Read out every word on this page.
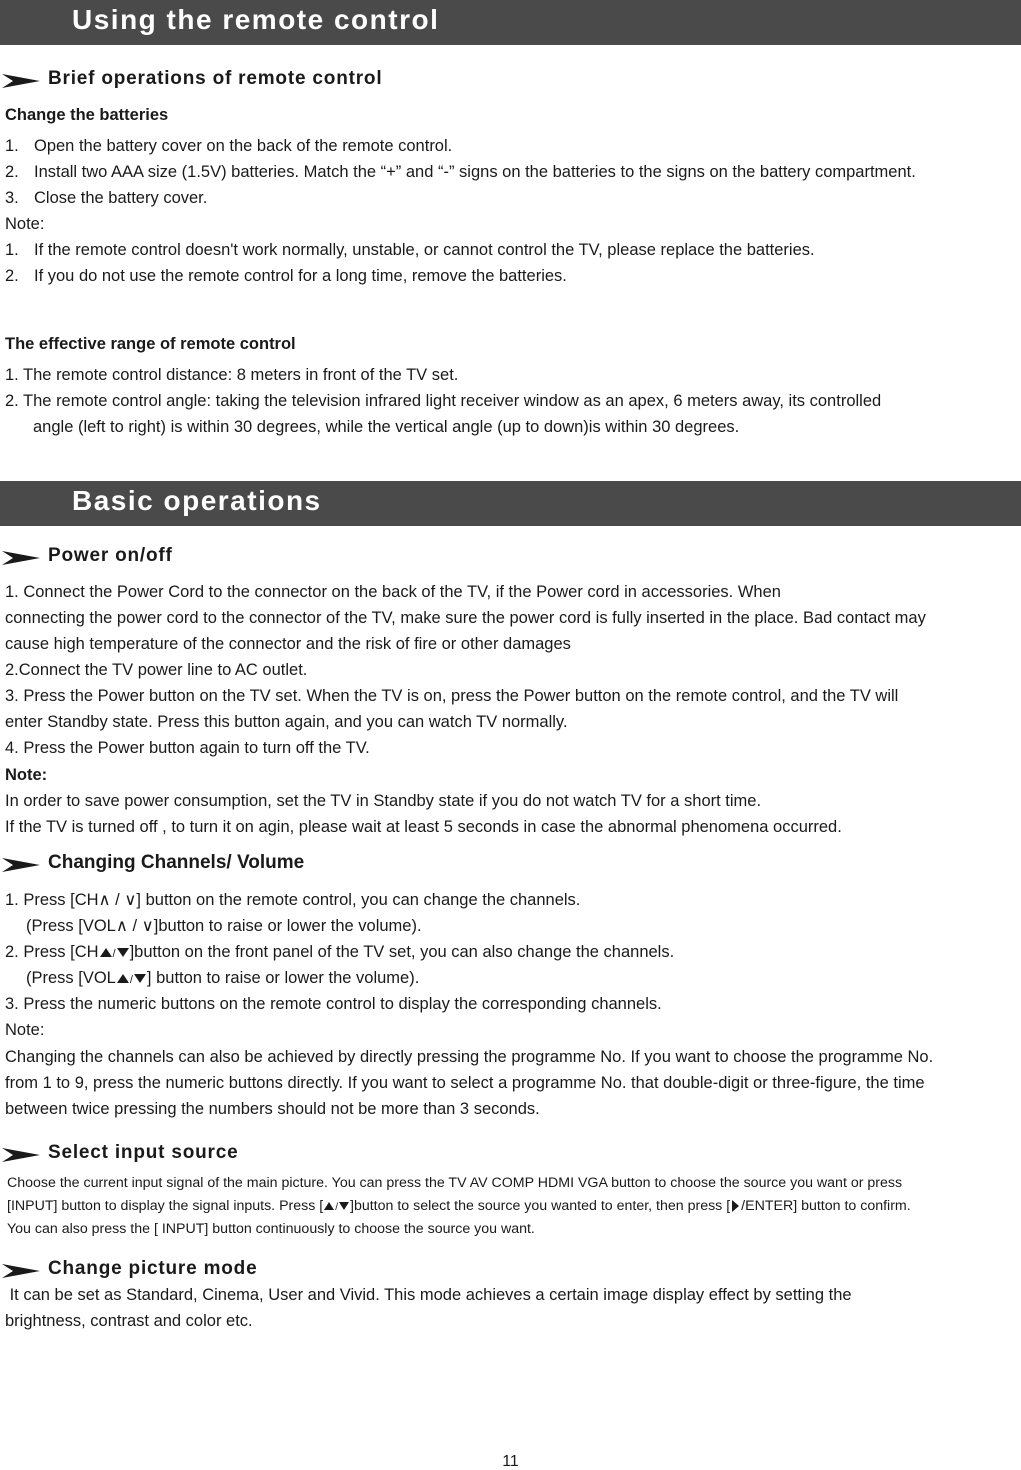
Using the remote control
Brief operations of remote control
Change the batteries
1. Open the battery cover on the back of the remote control.
2. Install two AAA size (1.5V) batteries. Match the “+” and “-” signs on the batteries to the signs on the battery compartment.
3. Close the battery cover.
Note:
1. If the remote control doesn't work normally, unstable, or cannot control the TV, please replace the batteries.
2. If you do not use the remote control for a long time, remove the batteries.
The effective range of remote control
1. The remote control distance: 8 meters in front of the TV set.
2. The remote control angle: taking the television infrared light receiver window as an apex, 6 meters away, its controlled
angle (left to right) is within 30 degrees, while the vertical angle (up to down)is within 30 degrees.
Basic operations
Power on/off
1. Connect the Power Cord to the connector on the back of the TV, if the Power cord in accessories. When
connecting the power cord to the connector of the TV, make sure the power cord is fully inserted in the place. Bad contact may
cause high temperature of the connector and the risk of fire or other damages
2.Connect the TV power line to AC outlet.
3. Press the Power button on the TV set. When the TV is on, press the Power button on the remote control, and the TV will
enter Standby state. Press this button again, and you can watch TV normally.
4. Press the Power button again to turn off the TV.
Note:
In order to save power consumption, set the TV in Standby state if you do not watch TV for a short time.
If the TV is turned off , to turn it on agin, please wait at least 5 seconds in case the abnormal phenomena occurred.
Changing Channels/ Volume
1. Press [CH∧ / ∨] button on the remote control, you can change the channels.
(Press [VOL∧ / ∨]button to raise or lower the volume).
2. Press [CH / ]button on the front panel of the TV set, you can also change the channels.
(Press [VOL / ] button to raise or lower the volume).
3. Press the numeric buttons on the remote control to display the corresponding channels.
Note:
Changing the channels can also be achieved by directly pressing the programme No. If you want to choose the programme No.
from 1 to 9, press the numeric buttons directly. If you want to select a programme No. that double-digit or three-figure, the time
between twice pressing the numbers should not be more than 3 seconds.
Select input source
Choose the current input signal of the main picture. You can press the TV AV COMP HDMI VGA button to choose the source you want or press
[INPUT] button to display the signal inputs. Press [ / ]button to select the source you wanted to enter, then press [ /ENTER] button to confirm.
You can also press the [ INPUT] button continuously to choose the source you want.
Change picture mode
It can be set as Standard, Cinema, User and Vivid. This mode achieves a certain image display effect by setting the
brightness, contrast and color etc.
11
